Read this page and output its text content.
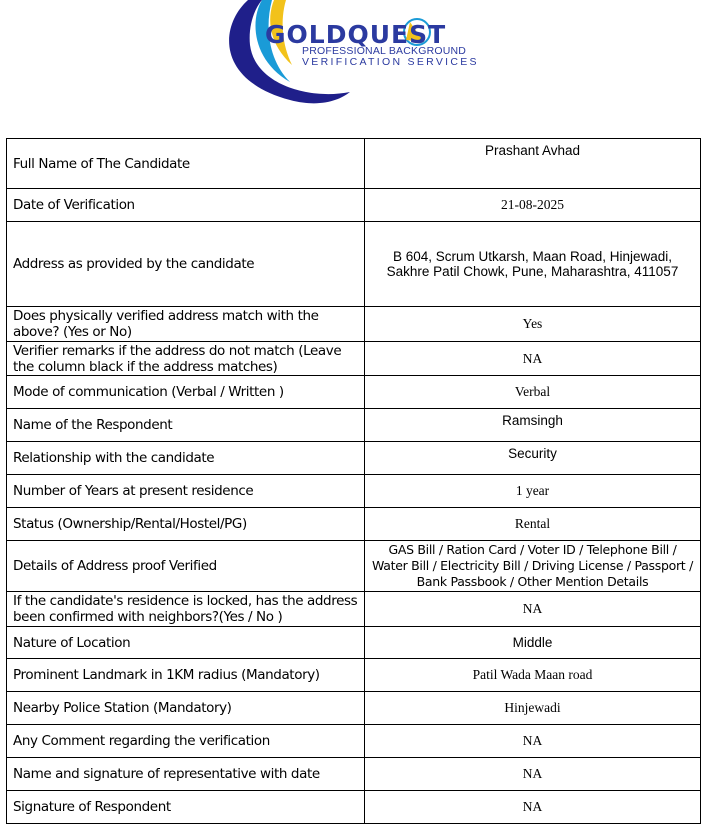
GOLDQUEST
PROFESSIONAL BACKGROUND
VERIFICATION SERVICES
Full Name of The Candidate	Prashant Avhad
Date of Verification	21-08-2025
Address as provided by the candidate	B 604, Scrum Utkarsh, Maan Road, Hinjewadi, Sakhre Patil Chowk, Pune, Maharashtra, 411057
Does physically verified address match with the above? (Yes or No)	Yes
Verifier remarks if the address do not match (Leave the column black if the address matches)	NA
Mode of communication (Verbal / Written )	Verbal
Name of the Respondent	Ramsingh
Relationship with the candidate	Security
Number of Years at present residence	1 year
Status (Ownership/Rental/Hostel/PG)	Rental
Details of Address proof Verified	GAS Bill / Ration Card / Voter ID / Telephone Bill / Water Bill / Electricity Bill / Driving License / Passport / Bank Passbook / Other Mention Details
If the candidate's residence is locked, has the address been confirmed with neighbors?(Yes / No )	NA
Nature of Location	Middle
Prominent Landmark in 1KM radius (Mandatory)	Patil Wada Maan road
Nearby Police Station (Mandatory)	Hinjewadi
Any Comment regarding the verification	NA
Name and signature of representative with date	NA
Signature of Respondent	NA
